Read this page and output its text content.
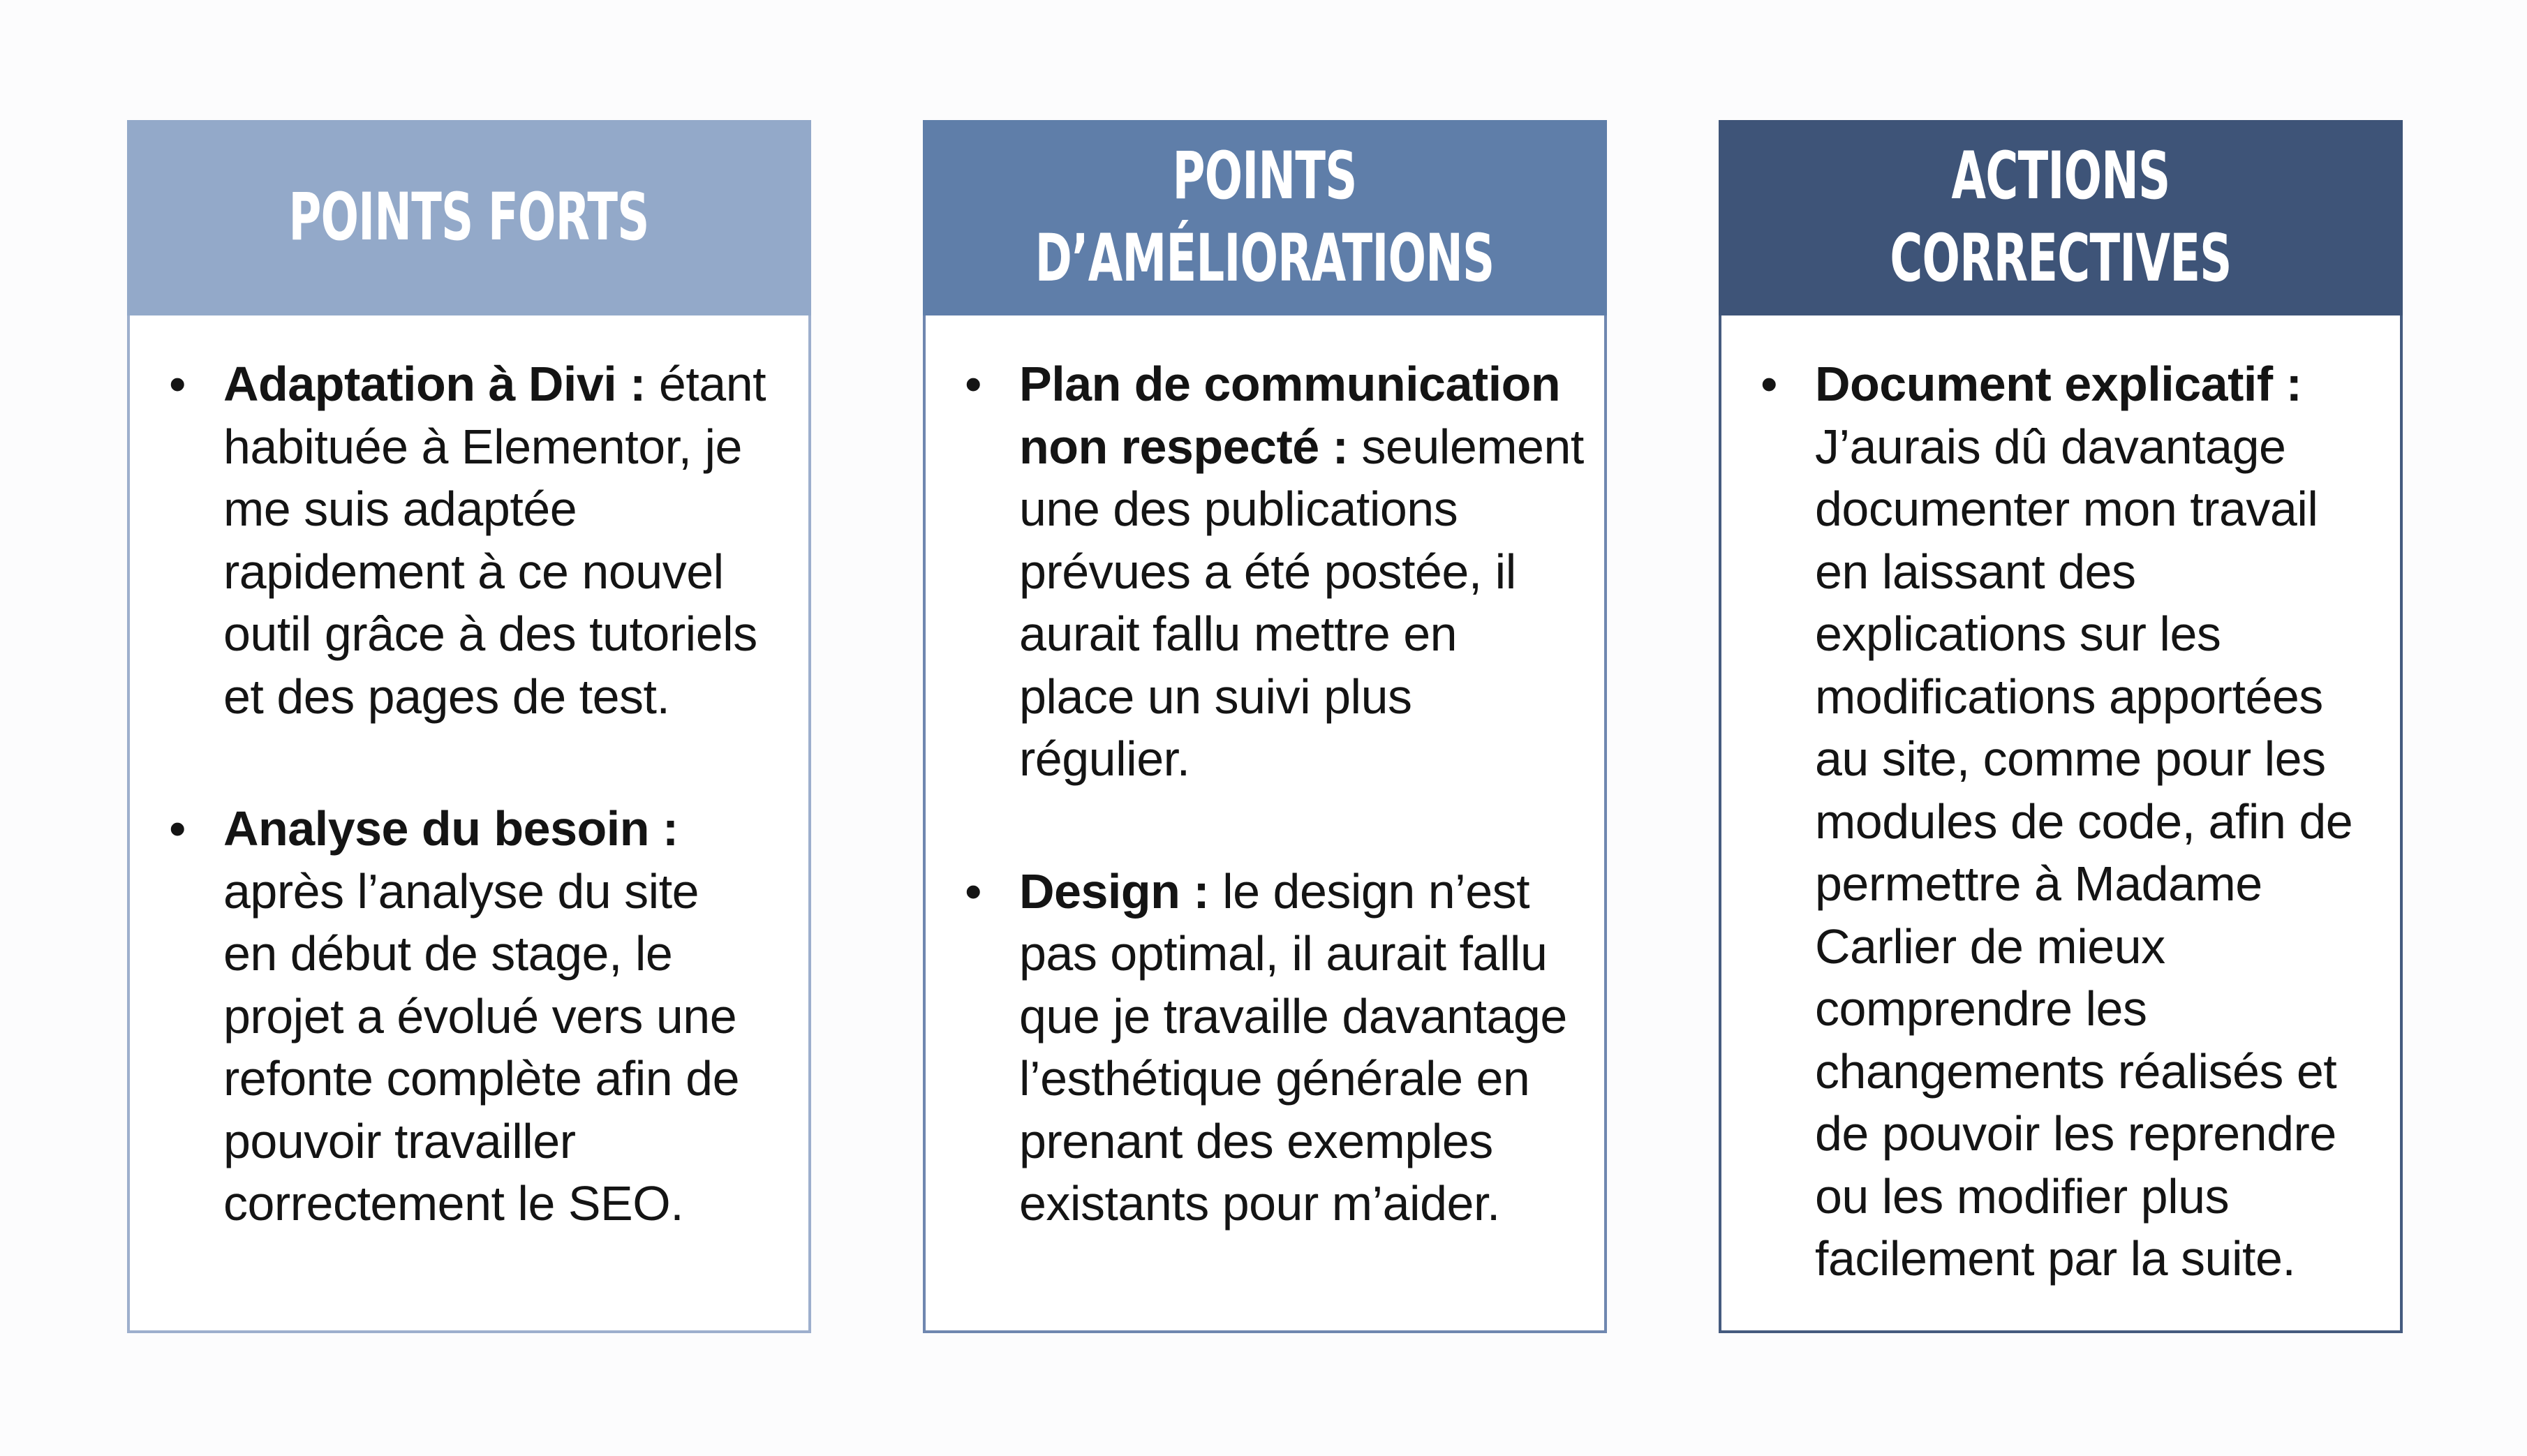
POINTS FORTS
• Adaptation à Divi : étant
habituée à Elementor, je
me suis adaptée
rapidement à ce nouvel
outil grâce à des tutoriels
et des pages de test.
• Analyse du besoin :
après l’analyse du site
en début de stage, le
projet a évolué vers une
refonte complète afin de
pouvoir travailler
correctement le SEO.
POINTS
D’AMÉLIORATIONS
• Plan de communication
non respecté : seulement
une des publications
prévues a été postée, il
aurait fallu mettre en
place un suivi plus
régulier.
• Design : le design n’est
pas optimal, il aurait fallu
que je travaille davantage
l’esthétique générale en
prenant des exemples
existants pour m’aider.
ACTIONS CORRECTIVES
• Document explicatif :
J’aurais dû davantage
documenter mon travail
en laissant des
explications sur les
modifications apportées
au site, comme pour les
modules de code, afin de
permettre à Madame
Carlier de mieux
comprendre les
changements réalisés et
de pouvoir les reprendre
ou les modifier plus
facilement par la suite.
